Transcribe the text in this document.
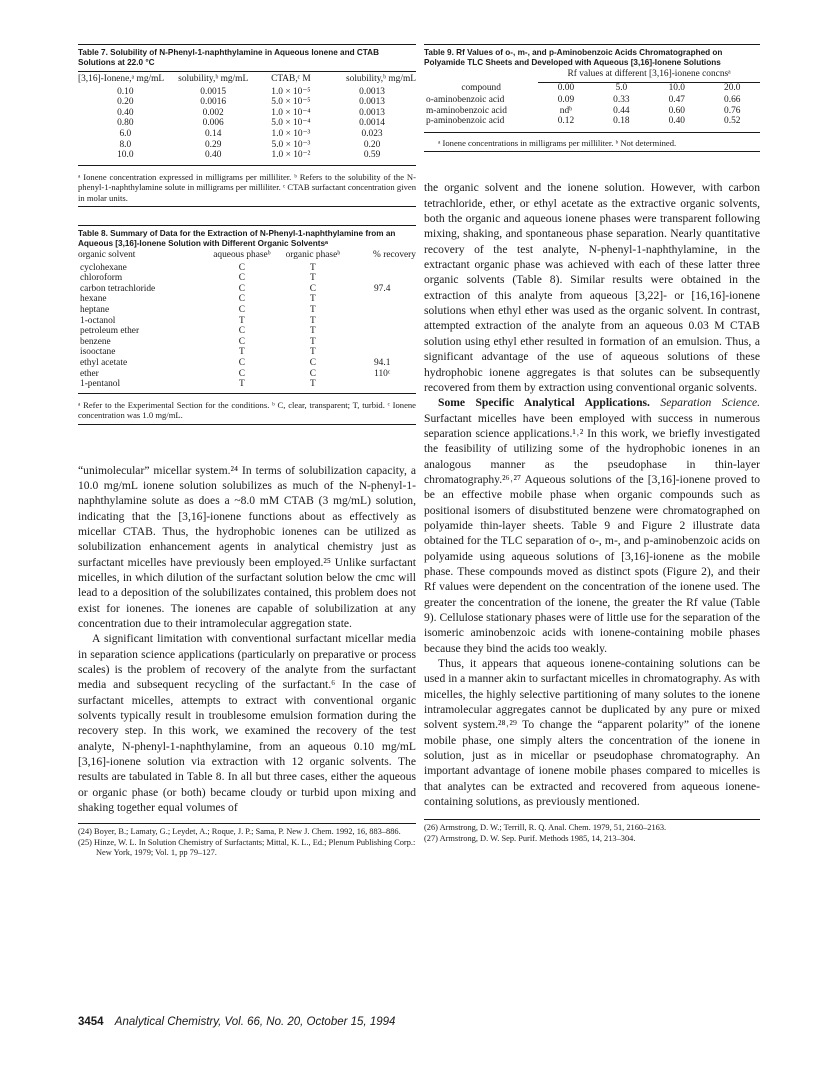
Table 7. Solubility of N-Phenyl-1-naphthylamine in Aqueous Ionene and CTAB Solutions at 22.0 °C
[3,16]-Ionene,ᵃ mg/mL	solubility,ᵇ mg/mL	CTAB,ᶜ M	solubility,ᵇ mg/mL
0.10	0.0015	1.0 × 10⁻⁵	0.0013
0.20	0.0016	5.0 × 10⁻⁵	0.0013
0.40	0.002	1.0 × 10⁻⁴	0.0013
0.80	0.006	5.0 × 10⁻⁴	0.0014
6.0	0.14	1.0 × 10⁻³	0.023
8.0	0.29	5.0 × 10⁻³	0.20
10.0	0.40	1.0 × 10⁻²	0.59
ᵃ Ionene concentration expressed in milligrams per milliliter. ᵇ Refers to the solubility of the N-phenyl-1-naphthylamine solute in milligrams per milliliter. ᶜ CTAB surfactant concentration given in molar units.
Table 8. Summary of Data for the Extraction of N-Phenyl-1-naphthylamine from an Aqueous [3,16]-Ionene Solution with Different Organic Solventsᵃ
organic solvent	aqueous phaseᵇ	organic phaseᵇ	% recovery
cyclohexane	C	T	
chloroform	C	T	
carbon tetrachloride	C	C	97.4
hexane	C	T	
heptane	C	T	
1-octanol	T	T	
petroleum ether	C	T	
benzene	C	T	
isooctane	T	T	
ethyl acetate	C	C	94.1
ether	C	C	110ᶜ
1-pentanol	T	T	
ᵃ Refer to the Experimental Section for the conditions. ᵇ C, clear, transparent; T, turbid. ᶜ Ionene concentration was 1.0 mg/mL.

“unimolecular” micellar system.²⁴ In terms of solubilization capacity, a 10.0 mg/mL ionene solution solubilizes as much of the N-phenyl-1-naphthylamine solute as does a ~8.0 mM CTAB (3 mg/mL) solution, indicating that the [3,16]-ionene functions about as effectively as micellar CTAB. Thus, the hydrophobic ionenes can be utilized as solubilization enhancement agents in analytical chemistry just as surfactant micelles have previously been employed.²⁵ Unlike surfactant micelles, in which dilution of the surfactant solution below the cmc will lead to a deposition of the solubilizates contained, this problem does not exist for ionenes. The ionenes are capable of solubilization at any concentration due to their intramolecular aggregation state.

A significant limitation with conventional surfactant micellar media in separation science applications (particularly on preparative or process scales) is the problem of recovery of the analyte from the surfactant media and subsequent recycling of the surfactant.⁶ In the case of surfactant micelles, attempts to extract with conventional organic solvents typically result in troublesome emulsion formation during the recovery step. In this work, we examined the recovery of the test analyte, N-phenyl-1-naphthylamine, from an aqueous 0.10 mg/mL [3,16]-ionene solution via extraction with 12 organic solvents. The results are tabulated in Table 8. In all but three cases, either the aqueous or organic phase (or both) became cloudy or turbid upon mixing and shaking together equal volumes of

(24) Boyer, B.; Lamaty, G.; Leydet, A.; Roque, J. P.; Sama, P. New J. Chem. 1992, 16, 883–886.
(25) Hinze, W. L. In Solution Chemistry of Surfactants; Mittal, K. L., Ed.; Plenum Publishing Corp.: New York, 1979; Vol. 1, pp 79–127.
Table 9. Rf Values of o-, m-, and p-Aminobenzoic Acids Chromatographed on Polyamide TLC Sheets and Developed with Aqueous [3,16]-Ionene Solutions
	Rf values at different [3,16]-ionene concnsᵃ			
compound	0.00	5.0	10.0	20.0
o-aminobenzoic acid	0.09	0.33	0.47	0.66
m-aminobenzoic acid	ndᵇ	0.44	0.60	0.76
p-aminobenzoic acid	0.12	0.18	0.40	0.52
ᵃ Ionene concentrations in milligrams per milliliter. ᵇ Not determined.

the organic solvent and the ionene solution. However, with carbon tetrachloride, ether, or ethyl acetate as the extractive organic solvents, both the organic and aqueous ionene phases were transparent following mixing, shaking, and spontaneous phase separation. Nearly quantitative recovery of the test analyte, N-phenyl-1-naphthylamine, in the extractant organic phase was achieved with each of these latter three organic solvents (Table 8). Similar results were obtained in the extraction of this analyte from aqueous [3,22]- or [16,16]-ionene solutions when ethyl ether was used as the organic solvent. In contrast, attempted extraction of the analyte from an aqueous 0.03 M CTAB solution using ethyl ether resulted in formation of an emulsion. Thus, a significant advantage of the use of aqueous solutions of these hydrophobic ionene aggregates is that solutes can be subsequently recovered from them by extraction using conventional organic solvents.

Some Specific Analytical Applications. Separation Science. Surfactant micelles have been employed with success in numerous separation science applications.¹˒² In this work, we briefly investigated the feasibility of utilizing some of the hydrophobic ionenes in an analogous manner as the pseudophase in thin-layer chromatography.²⁶˒²⁷ Aqueous solutions of the [3,16]-ionene proved to be an effective mobile phase when organic compounds such as positional isomers of disubstituted benzene were chromatographed on polyamide thin-layer sheets. Table 9 and Figure 2 illustrate data obtained for the TLC separation of o-, m-, and p-aminobenzoic acids on polyamide using aqueous solutions of [3,16]-ionene as the mobile phase. These compounds moved as distinct spots (Figure 2), and their Rf values were dependent on the concentration of the ionene used. The greater the concentration of the ionene, the greater the Rf value (Table 9). Cellulose stationary phases were of little use for the separation of the isomeric aminobenzoic acids with ionene-containing mobile phases because they bind the acids too weakly.

Thus, it appears that aqueous ionene-containing solutions can be used in a manner akin to surfactant micelles in chromatography. As with micelles, the highly selective partitioning of many solutes to the ionene intramolecular aggregates cannot be duplicated by any pure or mixed solvent system.²⁸˒²⁹ To change the “apparent polarity” of the ionene mobile phase, one simply alters the concentration of the ionene in solution, just as in micellar or pseudophase chromatography. An important advantage of ionene mobile phases compared to micelles is that analytes can be extracted and recovered from aqueous ionene-containing solutions, as previously mentioned.

(26) Armstrong, D. W.; Terrill, R. Q. Anal. Chem. 1979, 51, 2160–2163.
(27) Armstrong, D. W. Sep. Purif. Methods 1985, 14, 213–304.
3454 Analytical Chemistry, Vol. 66, No. 20, October 15, 1994
